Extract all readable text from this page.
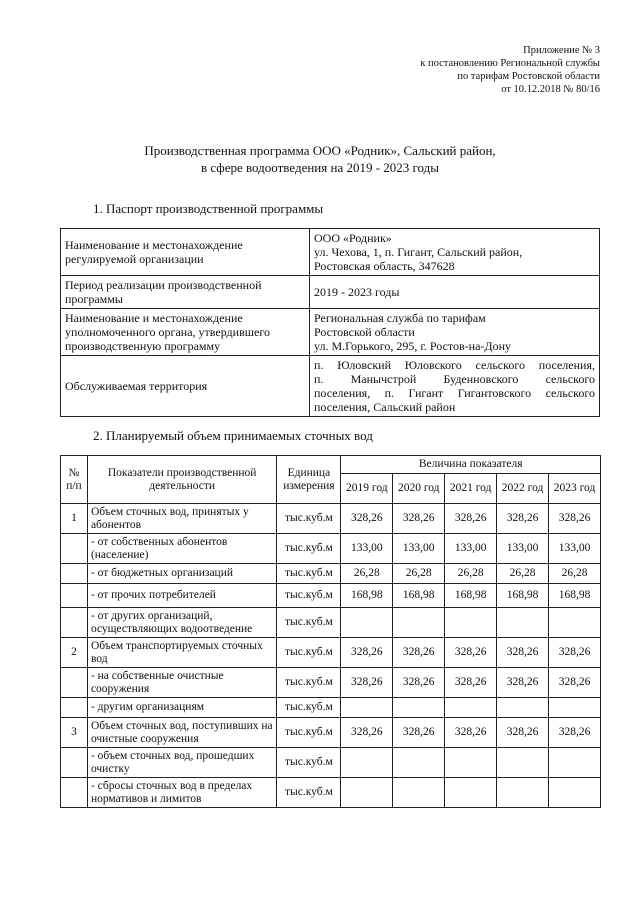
Приложение № 3
к постановлению Региональной службы
по тарифам Ростовской области
от 10.12.2018 № 80/16
Производственная программа ООО «Родник», Сальский район,
в сфере водоотведения на 2019 - 2023 годы
1. Паспорт производственной программы
Наименование и местонахождение регулируемой организации	ООО «Родник»
ул. Чехова, 1, п. Гигант, Сальский район,
Ростовская область, 347628

Период реализации производственной программы	2019 - 2023 годы

Наименование и местонахождение уполномоченного органа, утвердившего производственную программу	Региональная служба по тарифам
Ростовской области
ул. М.Горького, 295, г. Ростов-на-Дону

Обслуживаемая территория	п. Юловский Юловского сельского поселения,
п. Манычстрой Буденновского сельского
поселения, п. Гигант Гигантовского сельского
поселения, Сальский район
2. Планируемый объем принимаемых сточных вод
№ п/п	Показатели производственной деятельности	Единица измерения	Величина показателя				
			2019 год	2020 год	2021 год	2022 год	2023 год
1	Объем сточных вод, принятых у абонентов	тыс.куб.м	328,26	328,26	328,26	328,26	328,26
	- от собственных абонентов (население)	тыс.куб.м	133,00	133,00	133,00	133,00	133,00
	- от бюджетных организаций	тыс.куб.м	26,28	26,28	26,28	26,28	26,28
	- от прочих потребителей	тыс.куб.м	168,98	168,98	168,98	168,98	168,98
	- от других организаций, осуществляющих водоотведение	тыс.куб.м					
2	Объем транспортируемых сточных вод	тыс.куб.м	328,26	328,26	328,26	328,26	328,26
	- на собственные очистные сооружения	тыс.куб.м	328,26	328,26	328,26	328,26	328,26
	- другим организациям	тыс.куб.м					
3	Объем сточных вод, поступивших на очистные сооружения	тыс.куб.м	328,26	328,26	328,26	328,26	328,26
	- объем сточных вод, прошедших очистку	тыс.куб.м					
	- сбросы сточных вод в пределах нормативов и лимитов	тыс.куб.м					
